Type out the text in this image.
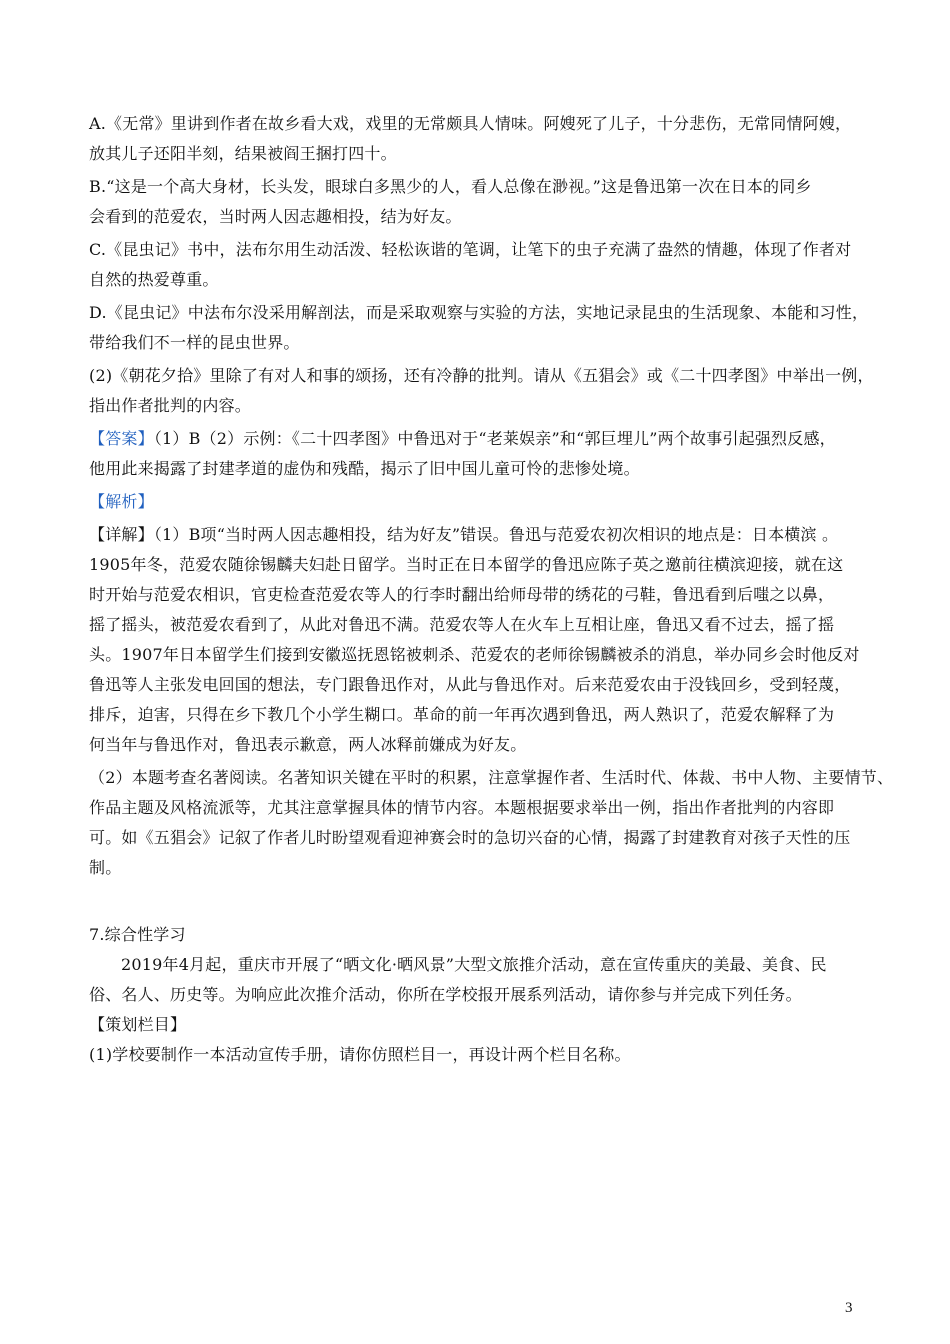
A.《无常》里讲到作者在故乡看大戏，戏里的无常颇具人情味。阿嫂死了儿子，十分悲伤，无常同情阿嫂，
放其儿子还阳半刻，结果被阎王捆打四十。
B.“这是一个高大身材，长头发，眼球白多黑少的人，看人总像在渺视。”这是鲁迅第一次在日本的同乡
会看到的范爱农，当时两人因志趣相投，结为好友。
C.《昆虫记》书中，法布尔用生动活泼、轻松诙谐的笔调，让笔下的虫子充满了盎然的情趣，体现了作者对
自然的热爱尊重。
D.《昆虫记》中法布尔没采用解剖法，而是采取观察与实验的方法，实地记录昆虫的生活现象、本能和习性，
带给我们不一样的昆虫世界。
(2)《朝花夕拾》里除了有对人和事的颂扬，还有冷静的批判。请从《五猖会》或《二十四孝图》中举出一例，
指出作者批判的内容。
【答案】（1）B（2）示例：《二十四孝图》中鲁迅对于“老莱娱亲”和“郭巨埋儿”两个故事引起强烈反感，
他用此来揭露了封建孝道的虚伪和残酷，揭示了旧中国儿童可怜的悲惨处境。
【解析】
【详解】（1）B项“当时两人因志趣相投，结为好友”错误。鲁迅与范爱农初次相识的地点是：日本横滨 。
1905年冬，范爱农随徐锡麟夫妇赴日留学。当时正在日本留学的鲁迅应陈子英之邀前往横滨迎接，就在这
时开始与范爱农相识，官吏检查范爱农等人的行李时翻出给师母带的绣花的弓鞋，鲁迅看到后嗤之以鼻，
摇了摇头，被范爱农看到了，从此对鲁迅不满。范爱农等人在火车上互相让座，鲁迅又看不过去，摇了摇
头。1907年日本留学生们接到安徽巡抚恩铭被刺杀、范爱农的老师徐锡麟被杀的消息，举办同乡会时他反对
鲁迅等人主张发电回国的想法，专门跟鲁迅作对，从此与鲁迅作对。后来范爱农由于没钱回乡，受到轻蔑，
排斥，迫害，只得在乡下教几个小学生糊口。革命的前一年再次遇到鲁迅，两人熟识了，范爱农解释了为
何当年与鲁迅作对，鲁迅表示歉意，两人冰释前嫌成为好友。
（2）本题考查名著阅读。名著知识关键在平时的积累，注意掌握作者、生活时代、体裁、书中人物、主要情节、
作品主题及风格流派等，尤其注意掌握具体的情节内容。本题根据要求举出一例，指出作者批判的内容即
可。如《五猖会》记叙了作者儿时盼望观看迎神赛会时的急切兴奋的心情，揭露了封建教育对孩子天性的压
制。
7.综合性学习
2019年4月起，重庆市开展了“晒文化·晒风景”大型文旅推介活动，意在宣传重庆的美最、美食、民
俗、名人、历史等。为响应此次推介活动，你所在学校报开展系列活动，请你参与并完成下列任务。
【策划栏目】
(1)学校要制作一本活动宣传手册，请你仿照栏目一，再设计两个栏目名称。
3
